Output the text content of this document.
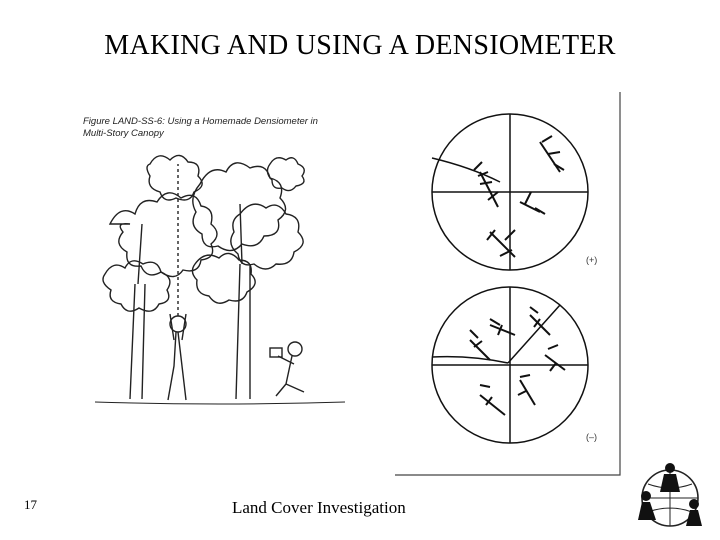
MAKING AND USING A DENSIOMETER
Figure LAND-SS-6: Using a Homemade Densiometer in Multi-Story Canopy
(+)
(–)
17	Land Cover Investigation
